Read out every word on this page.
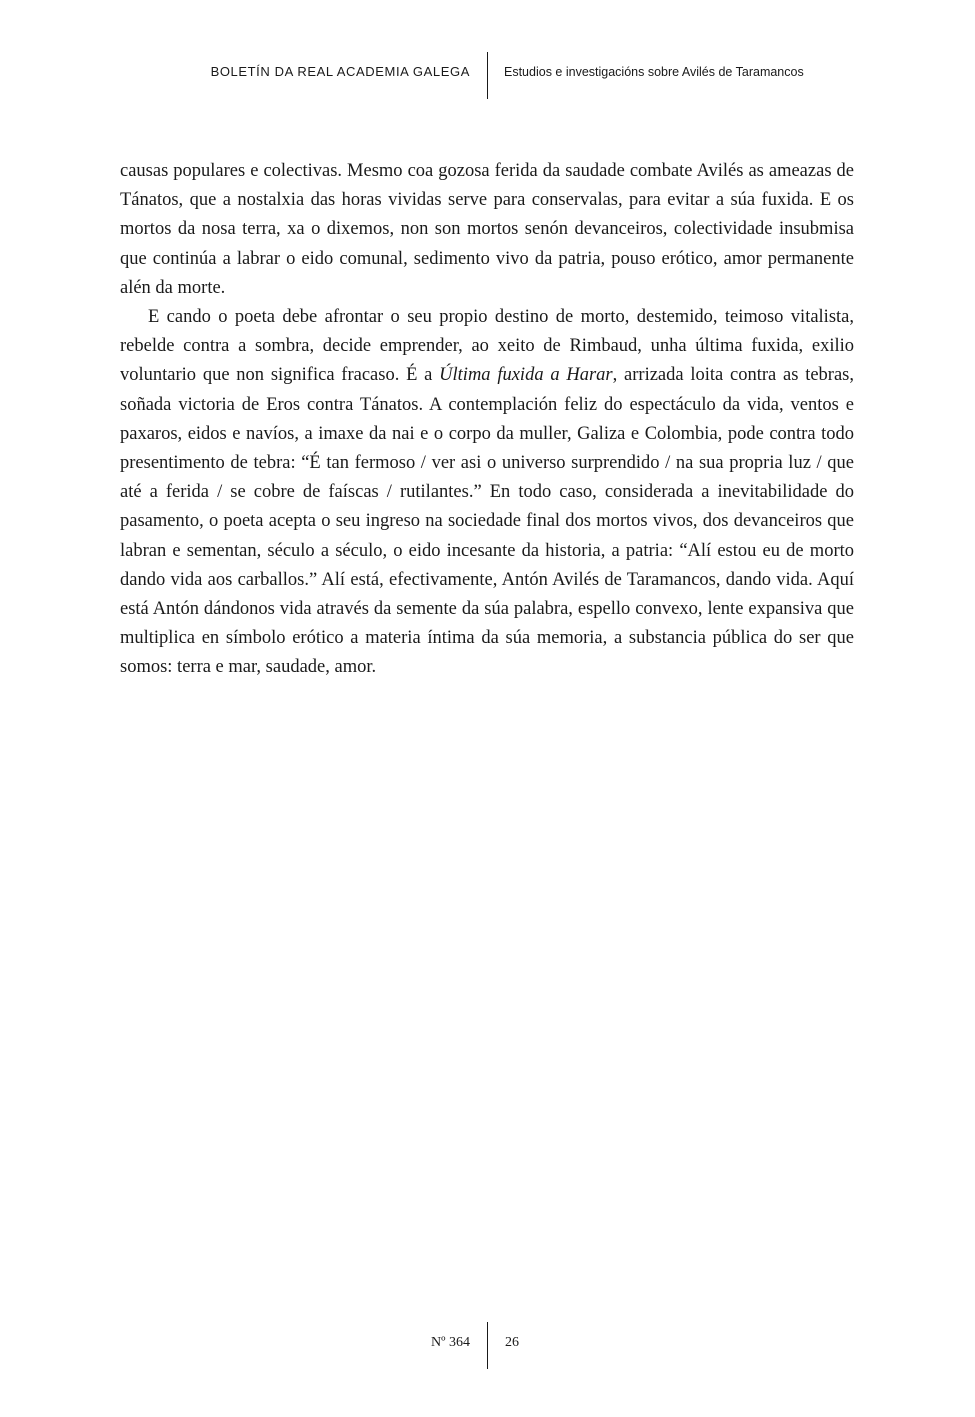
BOLETÍN DA REAL ACADEMIA GALEGA	Estudios e investigacións sobre Avilés de Taramancos

causas populares e colectivas. Mesmo coa gozosa ferida da saudade combate Avilés as ameazas de Tánatos, que a nostalxia das horas vividas serve para conservalas, para evitar a súa fuxida. E os mortos da nosa terra, xa o dixemos, non son mortos senón devanceiros, colectividade insubmisa que continúa a labrar o eido comunal, sedimento vivo da patria, pouso erótico, amor permanente alén da morte.

E cando o poeta debe afrontar o seu propio destino de morto, destemido, teimoso vitalista, rebelde contra a sombra, decide emprender, ao xeito de Rimbaud, unha última fuxida, exilio voluntario que non significa fracaso. É a Última fuxida a Harar, arrizada loita contra as tebras, soñada victoria de Eros contra Tánatos. A contemplación feliz do espectáculo da vida, ventos e paxaros, eidos e navíos, a imaxe da nai e o corpo da muller, Galiza e Colombia, pode contra todo presentimento de tebra: “É tan fermoso / ver asi o universo surprendido / na sua propria luz / que até a ferida / se cobre de faíscas / rutilantes.” En todo caso, considerada a inevitabilidade do pasamento, o poeta acepta o seu ingreso na sociedade final dos mortos vivos, dos devanceiros que labran e sementan, século a século, o eido incesante da historia, a patria: “Alí estou eu de morto dando vida aos carballos.” Alí está, efectivamente, Antón Avilés de Taramancos, dando vida. Aquí está Antón dándonos vida através da semente da súa palabra, espello convexo, lente expansiva que multiplica en símbolo erótico a materia íntima da súa memoria, a substancia pública do ser que somos: terra e mar, saudade, amor.

Nº 364	26
